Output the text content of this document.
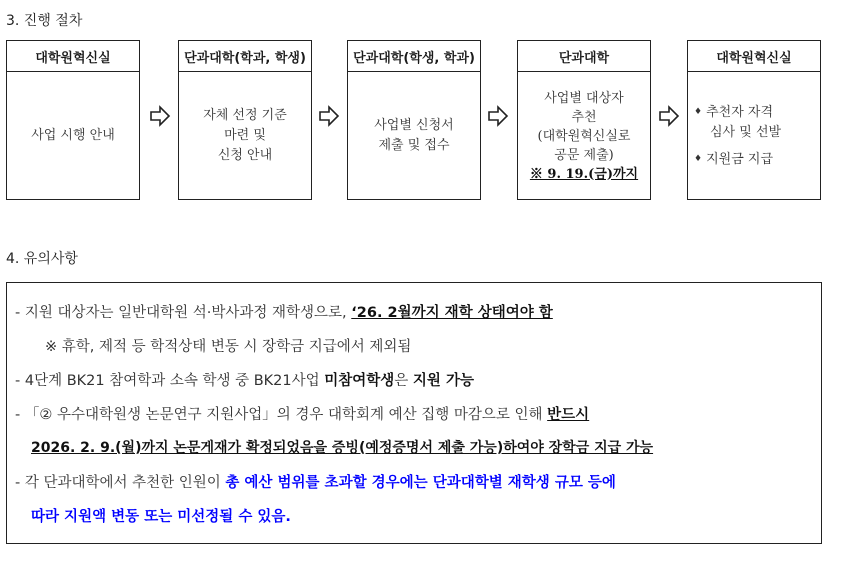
3. 진행 절차
대학원혁신실
사업 시행 안내
단과대학(학과, 학생)
자체 선정 기준
마련 및
신청 안내
단과대학(학생, 학과)
사업별 신청서
제출 및 접수
단과대학
사업별 대상자
추천
(대학원혁신실로
공문 제출)
※ 9. 19.(금)까지
대학원혁신실
♦ 추천자 자격
심사 및 선발
♦ 지원금 지급
4. 유의사항
- 지원 대상자는 일반대학원 석·박사과정 재학생으로, ‘26. 2월까지 재학 상태여야 함
※ 휴학, 제적 등 학적상태 변동 시 장학금 지급에서 제외됨
- 4단계 BK21 참여학과 소속 학생 중 BK21사업 미참여학생은 지원 가능
- 「② 우수대학원생 논문연구 지원사업」의 경우 대학회계 예산 집행 마감으로 인해 반드시
2026. 2. 9.(월)까지 논문게재가 확정되었음을 증빙(예정증명서 제출 가능)하여야 장학금 지급 가능
- 각 단과대학에서 추천한 인원이 총 예산 범위를 초과할 경우에는 단과대학별 재학생 규모 등에
따라 지원액 변동 또는 미선정될 수 있음.
